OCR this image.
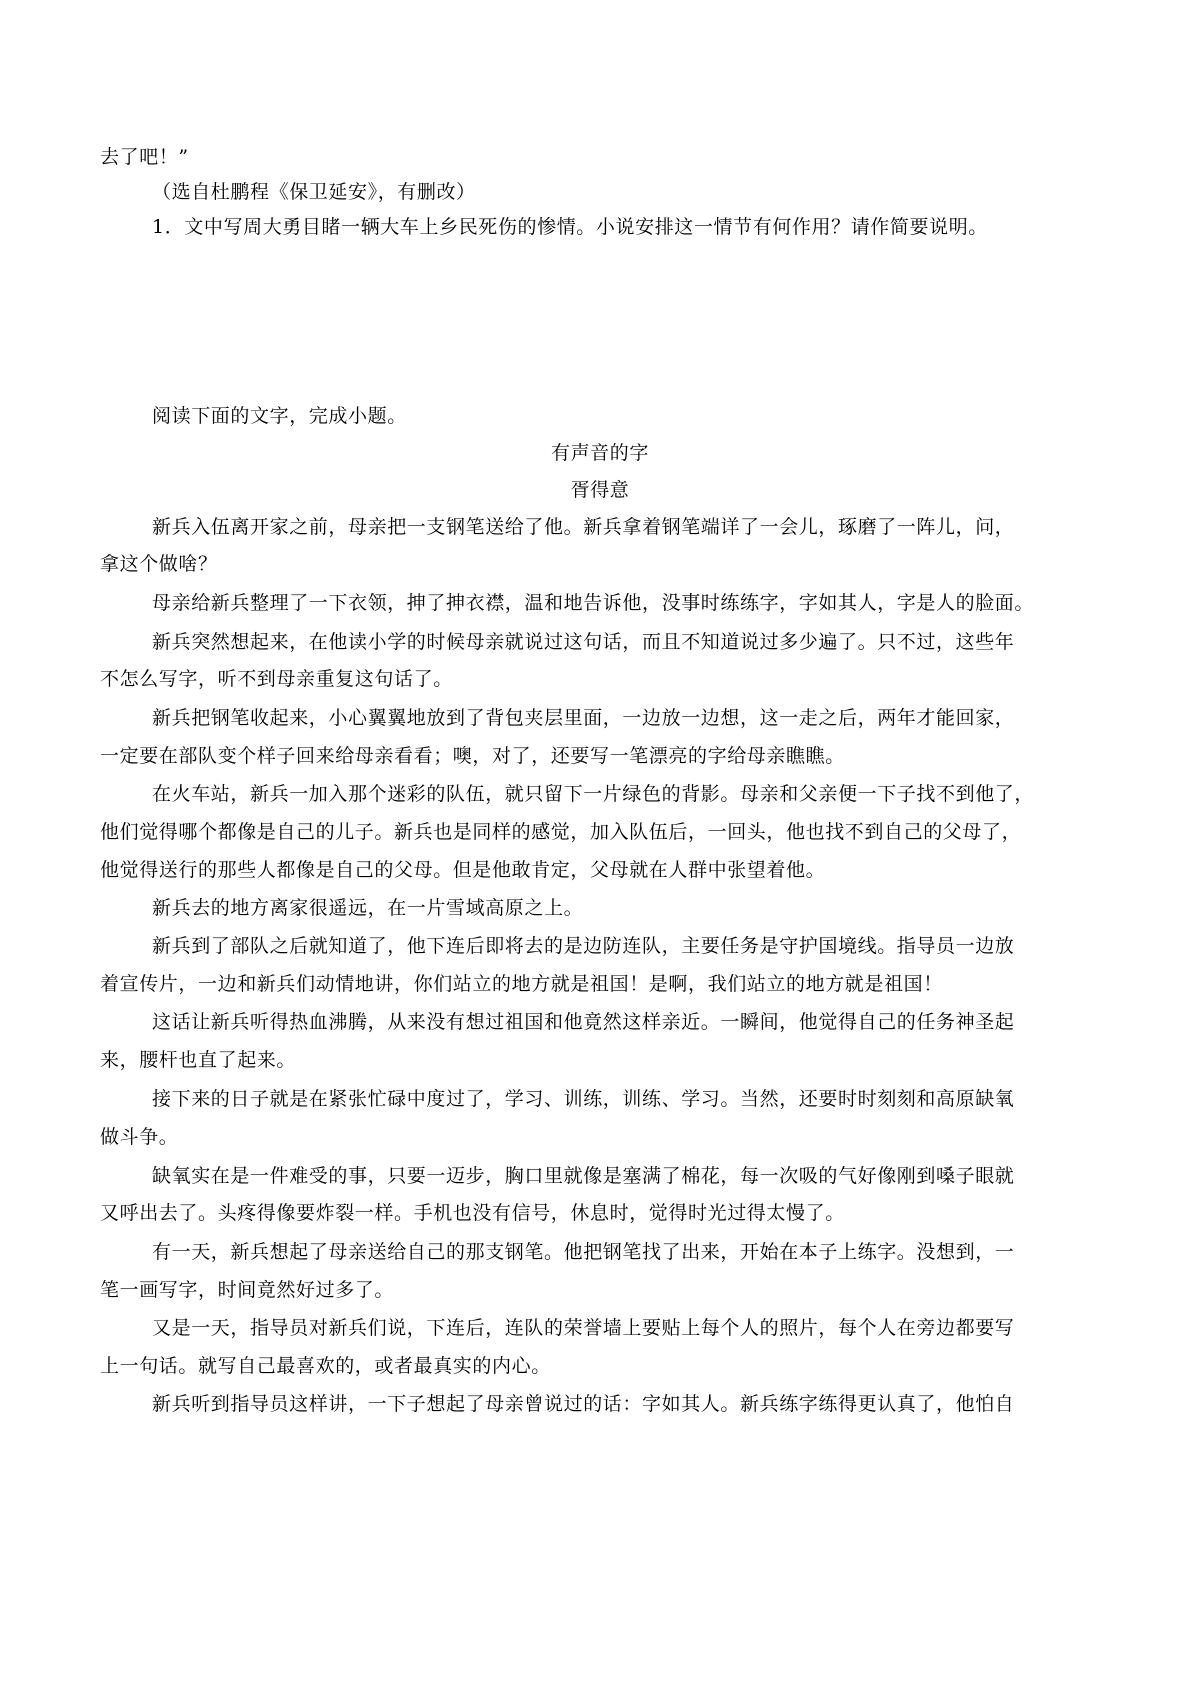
去了吧！”
（选自杜鹏程《保卫延安》，有删改）
1．文中写周大勇目睹一辆大车上乡民死伤的惨情。小说安排这一情节有何作用？请作简要说明。
阅读下面的文字，完成小题。
有声音的字
胥得意
新兵入伍离开家之前，母亲把一支钢笔送给了他。新兵拿着钢笔端详了一会儿，琢磨了一阵儿，问，
拿这个做啥？
母亲给新兵整理了一下衣领，抻了抻衣襟，温和地告诉他，没事时练练字，字如其人，字是人的脸面。
新兵突然想起来，在他读小学的时候母亲就说过这句话，而且不知道说过多少遍了。只不过，这些年
不怎么写字，听不到母亲重复这句话了。
新兵把钢笔收起来，小心翼翼地放到了背包夹层里面，一边放一边想，这一走之后，两年才能回家，
一定要在部队变个样子回来给母亲看看；噢，对了，还要写一笔漂亮的字给母亲瞧瞧。
在火车站，新兵一加入那个迷彩的队伍，就只留下一片绿色的背影。母亲和父亲便一下子找不到他了，
他们觉得哪个都像是自己的儿子。新兵也是同样的感觉，加入队伍后，一回头，他也找不到自己的父母了，
他觉得送行的那些人都像是自己的父母。但是他敢肯定，父母就在人群中张望着他。
新兵去的地方离家很遥远，在一片雪域高原之上。
新兵到了部队之后就知道了，他下连后即将去的是边防连队，主要任务是守护国境线。指导员一边放
着宣传片，一边和新兵们动情地讲，你们站立的地方就是祖国！是啊，我们站立的地方就是祖国！
这话让新兵听得热血沸腾，从来没有想过祖国和他竟然这样亲近。一瞬间，他觉得自己的任务神圣起
来，腰杆也直了起来。
接下来的日子就是在紧张忙碌中度过了，学习、训练，训练、学习。当然，还要时时刻刻和高原缺氧
做斗争。
缺氧实在是一件难受的事，只要一迈步，胸口里就像是塞满了棉花，每一次吸的气好像刚到嗓子眼就
又呼出去了。头疼得像要炸裂一样。手机也没有信号，休息时，觉得时光过得太慢了。
有一天，新兵想起了母亲送给自己的那支钢笔。他把钢笔找了出来，开始在本子上练字。没想到，一
笔一画写字，时间竟然好过多了。
又是一天，指导员对新兵们说，下连后，连队的荣誉墙上要贴上每个人的照片，每个人在旁边都要写
上一句话。就写自己最喜欢的，或者最真实的内心。
新兵听到指导员这样讲，一下子想起了母亲曾说过的话：字如其人。新兵练字练得更认真了，他怕自
